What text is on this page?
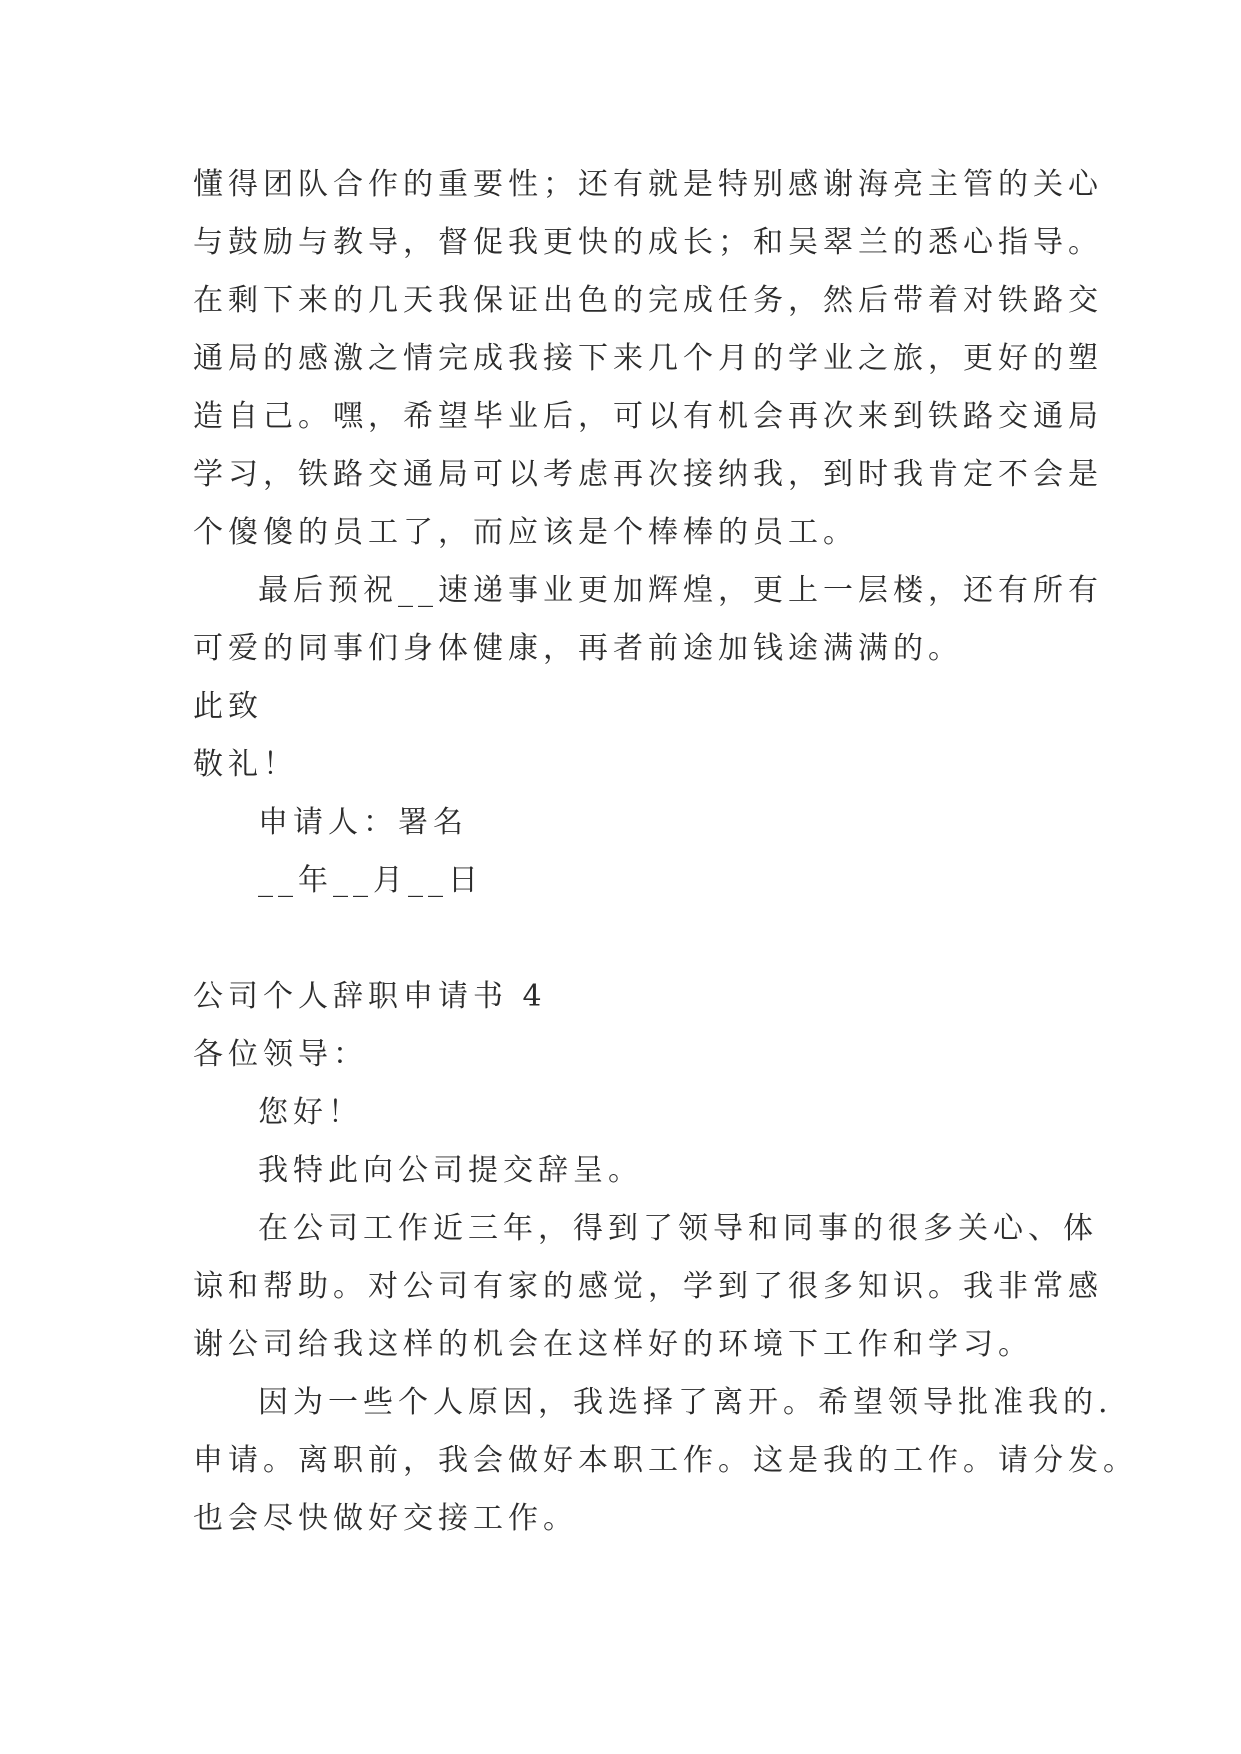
懂得团队合作的重要性；还有就是特别感谢海亮主管的关心
与鼓励与教导，督促我更快的成长；和吴翠兰的悉心指导。
在剩下来的几天我保证出色的完成任务，然后带着对铁路交
通局的感激之情完成我接下来几个月的学业之旅，更好的塑
造自己。嘿，希望毕业后，可以有机会再次来到铁路交通局
学习，铁路交通局可以考虑再次接纳我，到时我肯定不会是
个傻傻的员工了，而应该是个棒棒的员工。
最后预祝__速递事业更加辉煌，更上一层楼，还有所有
可爱的同事们身体健康，再者前途加钱途满满的。
此致
敬礼！
申请人：署名
__年__月__日
公司个人辞职申请书 4
各位领导：
您好！
我特此向公司提交辞呈。
在公司工作近三年，得到了领导和同事的很多关心、体
谅和帮助。对公司有家的感觉，学到了很多知识。我非常感
谢公司给我这样的机会在这样好的环境下工作和学习。
因为一些个人原因，我选择了离开。希望领导批准我的.
申请。离职前，我会做好本职工作。这是我的工作。请分发。
也会尽快做好交接工作。
